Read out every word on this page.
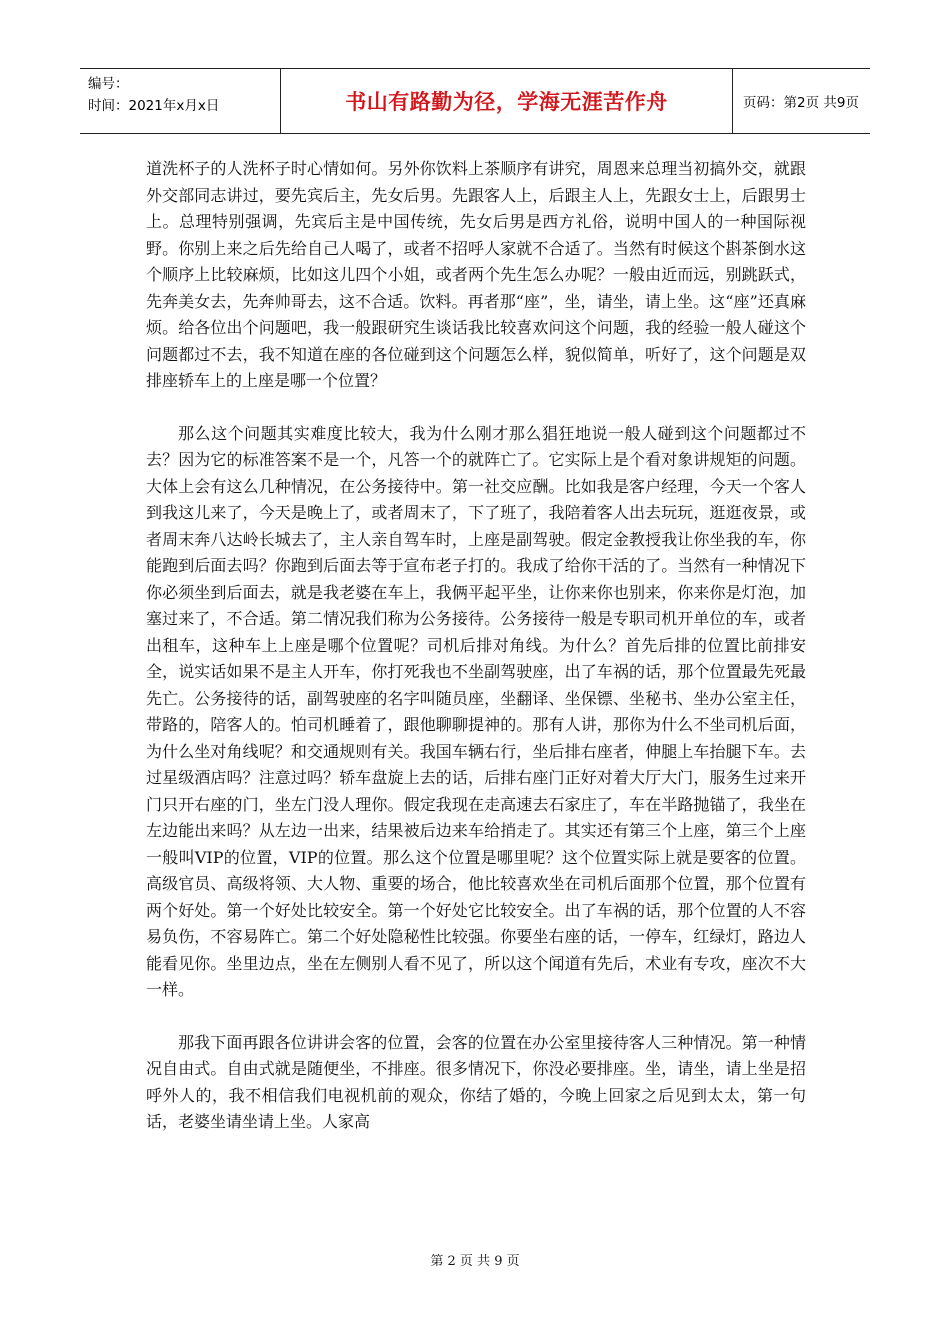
编号：
时间：2021年x月x日	书山有路勤为径，学海无涯苦作舟	页码：第2页 共9页

道洗杯子的人洗杯子时心情如何。另外你饮料上茶顺序有讲究，周恩来总理当初搞外交，就跟外交部同志讲过，要先宾后主，先女后男。先跟客人上，后跟主人上，先跟女士上，后跟男士上。总理特别强调，先宾后主是中国传统，先女后男是西方礼俗，说明中国人的一种国际视野。你别上来之后先给自己人喝了，或者不招呼人家就不合适了。当然有时候这个斟茶倒水这个顺序上比较麻烦，比如这儿四个小姐，或者两个先生怎么办呢？一般由近而远，别跳跃式，先奔美女去，先奔帅哥去，这不合适。饮料。再者那“座”，坐，请坐，请上坐。这“座”还真麻烦。给各位出个问题吧，我一般跟研究生谈话我比较喜欢问这个问题，我的经验一般人碰这个问题都过不去，我不知道在座的各位碰到这个问题怎么样，貌似简单，听好了，这个问题是双排座轿车上的上座是哪一个位置？

那么这个问题其实难度比较大，我为什么刚才那么猖狂地说一般人碰到这个问题都过不去？因为它的标准答案不是一个，凡答一个的就阵亡了。它实际上是个看对象讲规矩的问题。大体上会有这么几种情况，在公务接待中。第一社交应酬。比如我是客户经理，今天一个客人到我这儿来了，今天是晚上了，或者周末了，下了班了，我陪着客人出去玩玩，逛逛夜景，或者周末奔八达岭长城去了，主人亲自驾车时，上座是副驾驶。假定金教授我让你坐我的车，你能跑到后面去吗？你跑到后面去等于宣布老子打的。我成了给你干活的了。当然有一种情况下你必须坐到后面去，就是我老婆在车上，我俩平起平坐，让你来你也别来，你来你是灯泡，加塞过来了，不合适。第二情况我们称为公务接待。公务接待一般是专职司机开单位的车，或者出租车，这种车上上座是哪个位置呢？司机后排对角线。为什么？首先后排的位置比前排安全，说实话如果不是主人开车，你打死我也不坐副驾驶座，出了车祸的话，那个位置最先死最先亡。公务接待的话，副驾驶座的名字叫随员座，坐翻译、坐保镖、坐秘书、坐办公室主任，带路的，陪客人的。怕司机睡着了，跟他聊聊提神的。那有人讲，那你为什么不坐司机后面，为什么坐对角线呢？和交通规则有关。我国车辆右行，坐后排右座者，伸腿上车抬腿下车。去过星级酒店吗？注意过吗？轿车盘旋上去的话，后排右座门正好对着大厅大门，服务生过来开门只开右座的门，坐左门没人理你。假定我现在走高速去石家庄了，车在半路抛锚了，我坐在左边能出来吗？从左边一出来，结果被后边来车给捎走了。其实还有第三个上座，第三个上座一般叫VIP的位置，VIP的位置。那么这个位置是哪里呢？这个位置实际上就是要客的位置。高级官员、高级将领、大人物、重要的场合，他比较喜欢坐在司机后面那个位置，那个位置有两个好处。第一个好处比较安全。第一个好处它比较安全。出了车祸的话，那个位置的人不容易负伤，不容易阵亡。第二个好处隐秘性比较强。你要坐右座的话，一停车，红绿灯，路边人能看见你。坐里边点，坐在左侧别人看不见了，所以这个闻道有先后，术业有专攻，座次不大一样。

那我下面再跟各位讲讲会客的位置，会客的位置在办公室里接待客人三种情况。第一种情况自由式。自由式就是随便坐，不排座。很多情况下，你没必要排座。坐，请坐，请上坐是招呼外人的，我不相信我们电视机前的观众，你结了婚的，今晚上回家之后见到太太，第一句话，老婆坐请坐请上坐。人家高

第 2 页 共 9 页
